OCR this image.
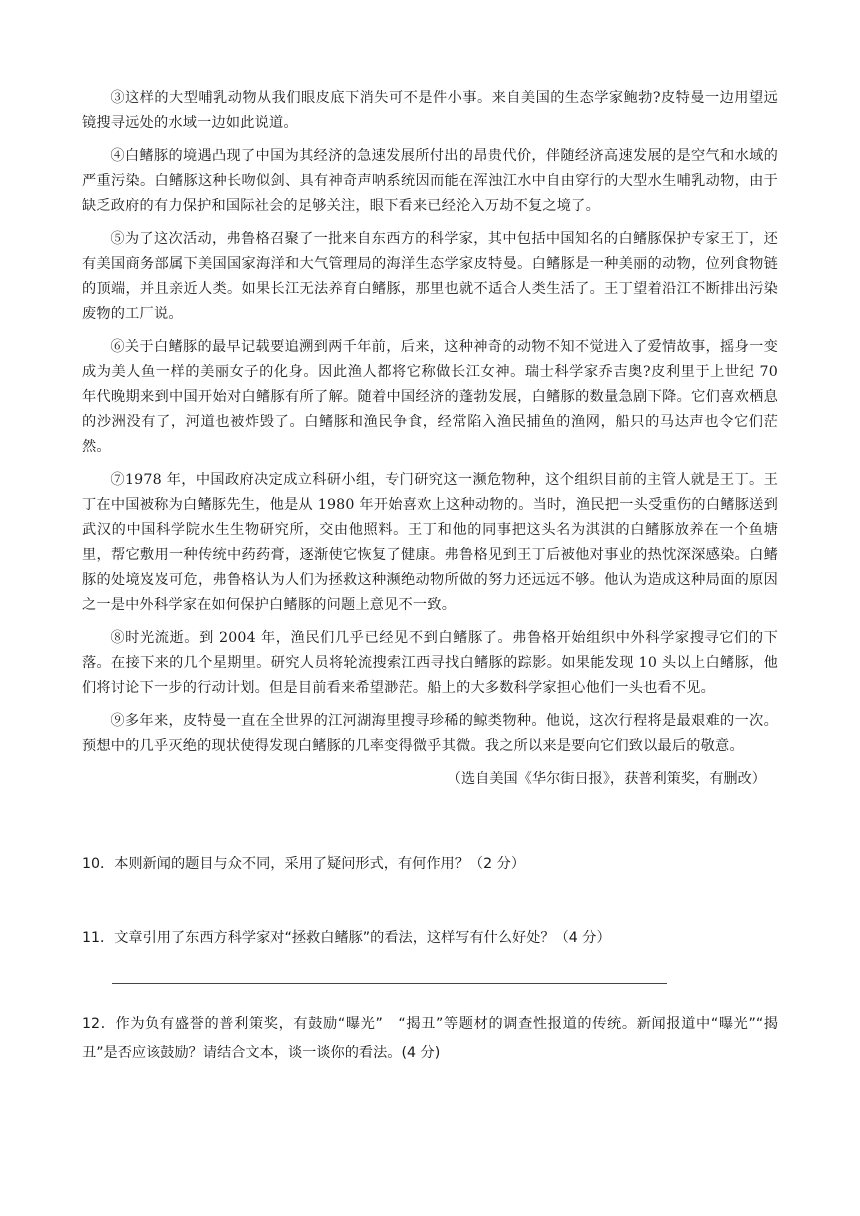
③这样的大型哺乳动物从我们眼皮底下消失可不是件小事。来自美国的生态学家鲍勃?皮特曼一边用望远镜搜寻远处的水域一边如此说道。

④白鳍豚的境遇凸现了中国为其经济的急速发展所付出的昂贵代价，伴随经济高速发展的是空气和水域的严重污染。白鳍豚这种长吻似剑、具有神奇声呐系统因而能在浑浊江水中自由穿行的大型水生哺乳动物，由于缺乏政府的有力保护和国际社会的足够关注，眼下看来已经沦入万劫不复之境了。

⑤为了这次活动，弗鲁格召聚了一批来自东西方的科学家，其中包括中国知名的白鳍豚保护专家王丁，还有美国商务部属下美国国家海洋和大气管理局的海洋生态学家皮特曼。白鳍豚是一种美丽的动物，位列食物链的顶端，并且亲近人类。如果长江无法养育白鳍豚，那里也就不适合人类生活了。王丁望着沿江不断排出污染废物的工厂说。

⑥关于白鳍豚的最早记载要追溯到两千年前，后来，这种神奇的动物不知不觉进入了爱情故事，摇身一变成为美人鱼一样的美丽女子的化身。因此渔人都将它称做长江女神。瑞士科学家乔吉奥?皮利里于上世纪 70 年代晚期来到中国开始对白鳍豚有所了解。随着中国经济的蓬勃发展，白鳍豚的数量急剧下降。它们喜欢栖息的沙洲没有了，河道也被炸毁了。白鳍豚和渔民争食，经常陷入渔民捕鱼的渔网，船只的马达声也令它们茫然。

⑦1978 年，中国政府决定成立科研小组，专门研究这一濒危物种，这个组织目前的主管人就是王丁。王丁在中国被称为白鳍豚先生，他是从 1980 年开始喜欢上这种动物的。当时，渔民把一头受重伤的白鳍豚送到武汉的中国科学院水生生物研究所，交由他照料。王丁和他的同事把这头名为淇淇的白鳍豚放养在一个鱼塘里，帮它敷用一种传统中药药膏，逐渐使它恢复了健康。弗鲁格见到王丁后被他对事业的热忱深深感染。白鳍豚的处境岌岌可危，弗鲁格认为人们为拯救这种濒绝动物所做的努力还远远不够。他认为造成这种局面的原因之一是中外科学家在如何保护白鳍豚的问题上意见不一致。

⑧时光流逝。到 2004 年，渔民们几乎已经见不到白鳍豚了。弗鲁格开始组织中外科学家搜寻它们的下落。在接下来的几个星期里。研究人员将轮流搜索江西寻找白鳍豚的踪影。如果能发现 10 头以上白鳍豚，他们将讨论下一步的行动计划。但是目前看来希望渺茫。船上的大多数科学家担心他们一头也看不见。

⑨多年来，皮特曼一直在全世界的江河湖海里搜寻珍稀的鲸类物种。他说，这次行程将是最艰难的一次。预想中的几乎灭绝的现状使得发现白鳍豚的几率变得微乎其微。我之所以来是要向它们致以最后的敬意。

（选自美国《华尔街日报》，获普利策奖，有删改）

10．本则新闻的题目与众不同，采用了疑问形式，有何作用？（2 分）

11．文章引用了东西方科学家对“拯救白鳍豚”的看法，这样写有什么好处？（4 分）

12．作为负有盛誉的普利策奖，有鼓励“曝光”　“揭丑”等题材的调查性报道的传统。新闻报道中“曝光”“揭丑”是否应该鼓励？请结合文本，谈一谈你的看法。(4 分)
